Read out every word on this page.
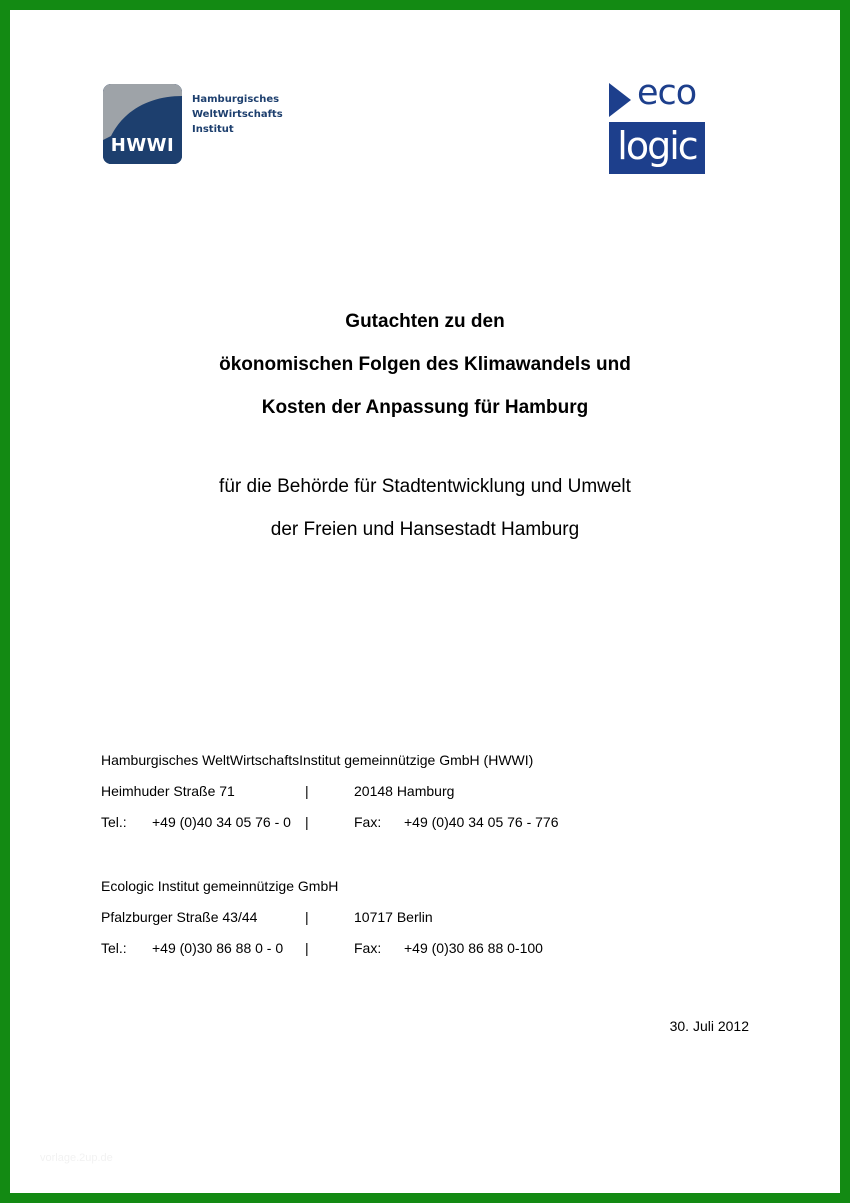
HWWI
Hamburgisches
WeltWirtschafts
Institut
eco
logic
Gutachten zu den
ökonomischen Folgen des Klimawandels und
Kosten der Anpassung für Hamburg
für die Behörde für Stadtentwicklung und Umwelt
der Freien und Hansestadt Hamburg
Hamburgisches WeltWirtschaftsInstitut gemeinnützige GmbH (HWWI)
Heimhuder Straße 71	|	20148 Hamburg
Tel.: +49 (0)40 34 05 76 - 0 |	Fax: +49 (0)40 34 05 76 - 776
Ecologic Institut gemeinnützige GmbH
Pfalzburger Straße 43/44	|	10717 Berlin
Tel.: +49 (0)30 86 88 0 - 0 |	Fax: +49 (0)30 86 88 0-100
30. Juli 2012
vorlage.2up.de
